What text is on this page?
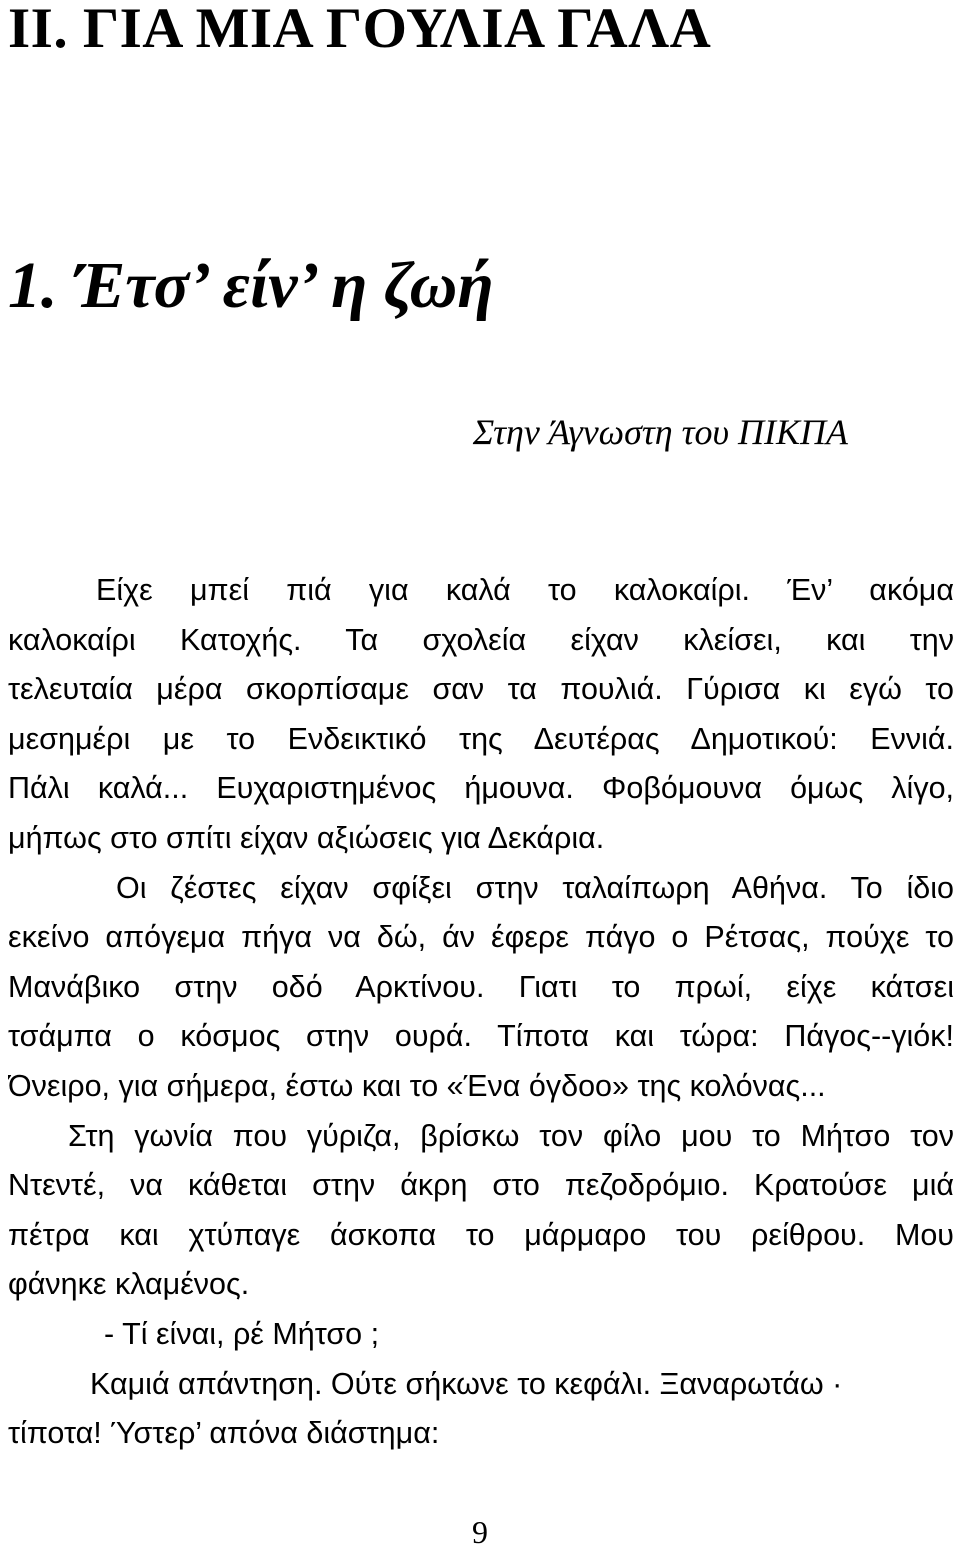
II. ΓΙΑ ΜΙΑ ΓΟΥΛΙΑ ΓΑΛΑ
1. Έτσ’ είν’ η ζωή

Στην Άγνωστη του ΠΙΚΠΑ

Είχε μπεί πιά για καλά το καλοκαίρι. Έν’ ακόμα
καλοκαίρι Κατοχής. Τα σχολεία είχαν κλείσει, και την
τελευταία μέρα σκορπίσαμε σαν τα πουλιά. Γύρισα κι εγώ το
μεσημέρι με το Ενδεικτικό της Δευτέρας Δημοτικού: Εννιά.
Πάλι καλά... Ευχαριστημένος ήμουνα. Φοβόμουνα όμως λίγο,
μήπως στο σπίτι είχαν αξιώσεις για Δεκάρια.
Οι ζέστες είχαν σφίξει στην ταλαίπωρη Αθήνα. Το ίδιο
εκείνο απόγεμα πήγα να δώ, άν έφερε πάγο ο Ρέτσας, πούχε το
Μανάβικο στην οδό Αρκτίνου. Γιατι το πρωί, είχε κάτσει
τσάμπα ο κόσμος στην ουρά. Τίποτα και τώρα: Πάγος--γιόκ!
Όνειρο, για σήμερα, έστω και το «Ένα όγδοο» της κολόνας...
Στη γωνία που γύριζα, βρίσκω τον φίλο μου το Μήτσο τον
Ντεντέ, να κάθεται στην άκρη στο πεζοδρόμιο. Κρατούσε μιά
πέτρα και χτύπαγε άσκοπα το μάρμαρο του ρείθρου. Μου
φάνηκε κλαμένος.
- Τί είναι, ρέ Μήτσο ;
Καμιά απάντηση. Ούτε σήκωνε το κεφάλι. Ξαναρωτάω ·
τίποτα! Ύστερ’ απόνα διάστημα:
9
